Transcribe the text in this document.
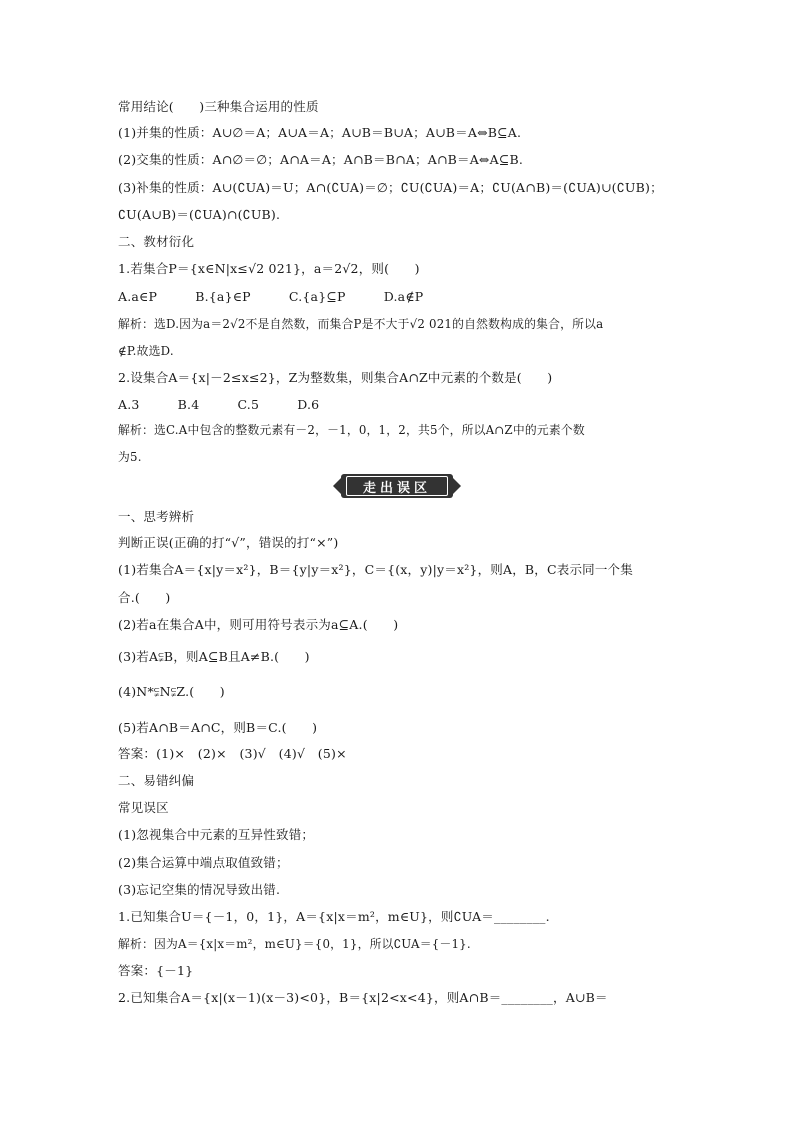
走出误区
常用结论(　　)三种集合运用的性质
(1)并集的性质：A∪∅＝A；A∪A＝A；A∪B＝B∪A；A∪B＝A⇔B⊆A.
(2)交集的性质：A∩∅＝∅；A∩A＝A；A∩B＝B∩A；A∩B＝A⇔A⊆B.
(3)补集的性质：A∪(∁UA)＝U；A∩(∁UA)＝∅；∁U(∁UA)＝A；∁U(A∩B)＝(∁UA)∪(∁UB)；
∁U(A∪B)＝(∁UA)∩(∁UB).
二、教材衍化
1.若集合P＝{x∈N|x≤√2 021}，a＝2√2，则(　　)
A.a∈P　　　B.{a}∈P　　　C.{a}⊆P　　　D.a∉P
解析：选D.因为a＝2√2不是自然数，而集合P是不大于√2 021的自然数构成的集合，所以a
∉P.故选D.
2.设集合A＝{x|－2≤x≤2}，Z为整数集，则集合A∩Z中元素的个数是(　　)
A.3　　　B.4　　　C.5　　　D.6
解析：选C.A中包含的整数元素有－2，－1，0，1，2，共5个，所以A∩Z中的元素个数
为5.
一、思考辨析
判断正误(正确的打“√”，错误的打“×”)
(1)若集合A＝{x|y＝x²}，B＝{y|y＝x²}，C＝{(x，y)|y＝x²}，则A，B，C表示同一个集
合.(　　)
(2)若a在集合A中，则可用符号表示为a⊆A.(　　)
(3)若A⫋B，则A⊆B且A≠B.(　　)
(4)N*⫋N⫋Z.(　　)
(5)若A∩B＝A∩C，则B＝C.(　　)
答案：(1)×　(2)×　(3)√　(4)√　(5)×
二、易错纠偏
常见误区
(1)忽视集合中元素的互异性致错；
(2)集合运算中端点取值致错；
(3)忘记空集的情况导致出错.
1.已知集合U＝{－1，0，1}，A＝{x|x＝m²，m∈U}，则∁UA＝________.
解析：因为A＝{x|x＝m²，m∈U}＝{0，1}，所以∁UA＝{－1}.
答案：{－1}
2.已知集合A＝{x|(x－1)(x－3)<0}，B＝{x|2<x<4}，则A∩B＝________，A∪B＝
